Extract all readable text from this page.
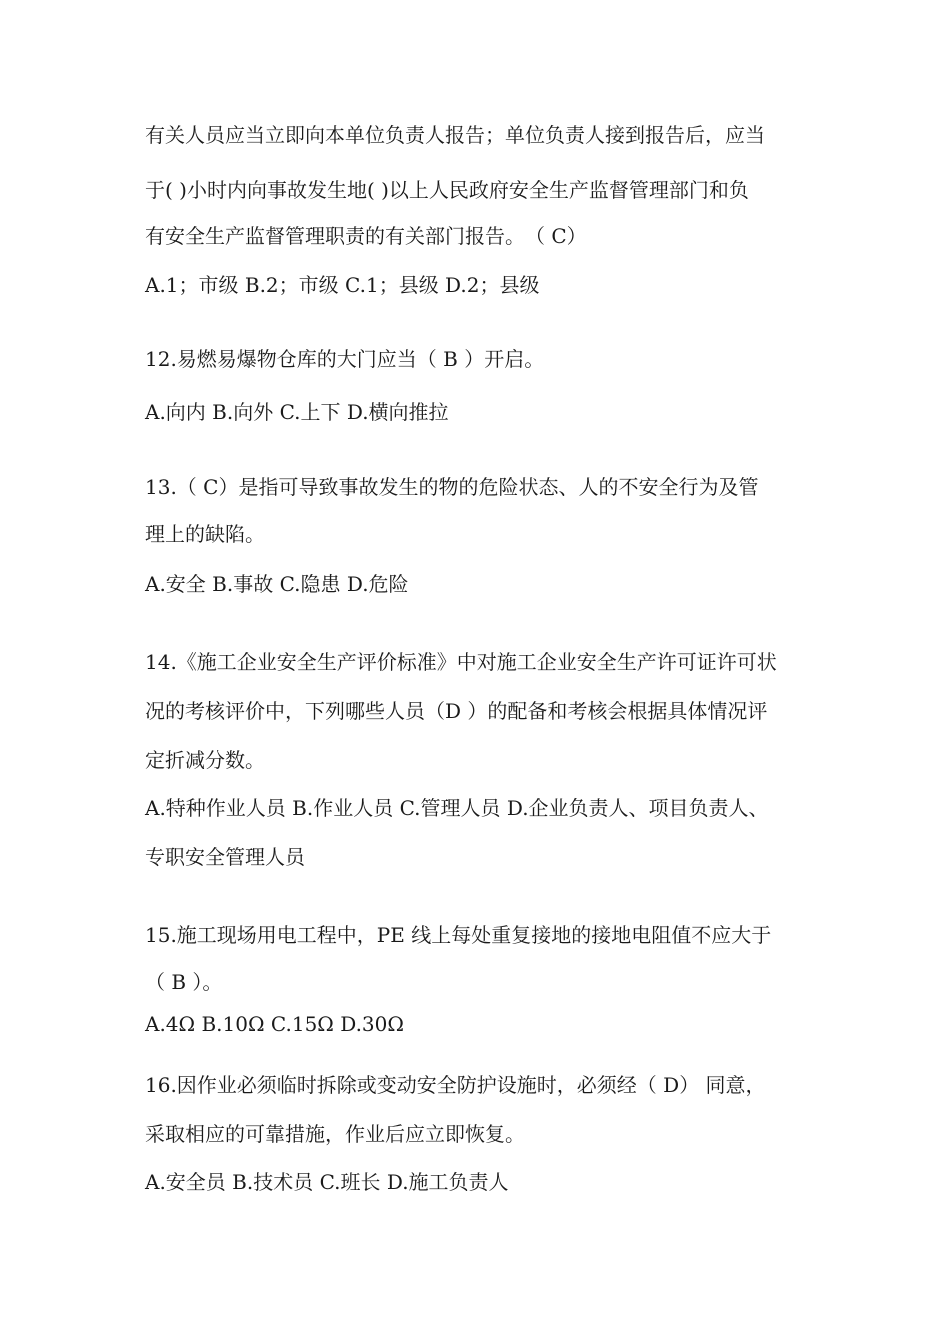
有关人员应当立即向本单位负责人报告；单位负责人接到报告后，应当
于( )小时内向事故发生地( )以上人民政府安全生产监督管理部门和负
有安全生产监督管理职责的有关部门报告。　（ C）
A.1；市级 B.2；市级 C.1；县级 D.2；县级
12.易燃易爆物仓库的大门应当（ B ）开启。
A.向内 B.向外 C.上下 D.横向推拉
13.（ C）是指可导致事故发生的物的危险状态、人的不安全行为及管
理上的缺陷。
A.安全 B.事故 C.隐患 D.危险
14.《施工企业安全生产评价标准》中对施工企业安全生产许可证许可状
况的考核评价中，下列哪些人员（D ）的配备和考核会根据具体情况评
定折减分数。
A.特种作业人员 B.作业人员 C.管理人员 D.企业负责人、项目负责人、
专职安全管理人员
15.施工现场用电工程中，PE 线上每处重复接地的接地电阻值不应大于
（ B ）。
A.4Ω B.10Ω C.15Ω D.30Ω
16.因作业必须临时拆除或变动安全防护设施时，必须经（ D） 同意，
采取相应的可靠措施，作业后应立即恢复。
A.安全员 B.技术员 C.班长 D.施工负责人
